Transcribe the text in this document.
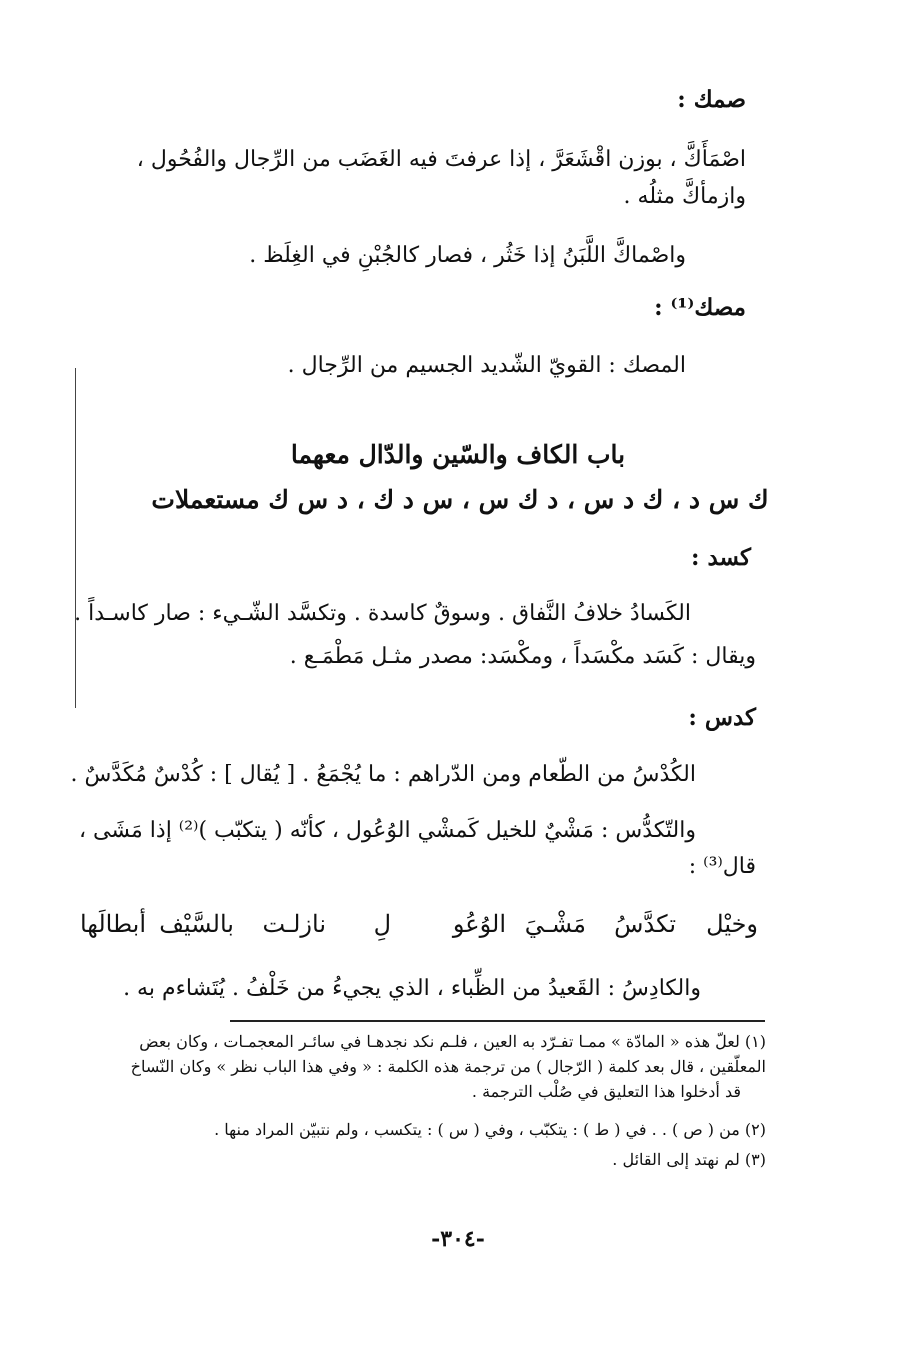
صمك :
اصْمَأَكَّ ، بوزن اقْشَعَرَّ ، إذا عرفتَ فيه الغَضَب من الرِّجال والفُحُول ،
وازمأكَّ مثلُه .
واصْماكَّ اللَّبَنُ إذا خَثُر ، فصار كالجُبْنِ في الغِلَظ .
مصك⁽¹⁾ :
المصك : القويّ الشّديد الجسيم من الرِّجال .
باب الكاف والسّين والدّال معهما
ك س د ، ك د س ، د ك س ، س د ك ، د س ك مستعملات
كسد :
الكَسادُ خلافُ النَّفاق . وسوقٌ كاسدة . وتكسَّد الشّـيء : صار كاسـداً .
ويقال : كَسَد مكْسَداً ، ومكْسَد: مصدر مثـل مَطْمَـع .
كدس :
الكُدْسُ من الطّعام ومن الدّراهم : ما يُجْمَعُ . [ يُقال ] : كُدْسٌ مُكَدَّسٌ .
والتّكدُّس : مَشْيٌ للخيل كَمشْي الوُعُول ، كأنّه ( يتكبّب )⁽²⁾ إذا مَشَى ،
قال⁽³⁾ :
وخيْل
تكدَّسُ
مَشْـيَ
الوُعُو
لِ
نازلـت
بالسَّيْف
أبطالَها
والكادِسُ : القَعيدُ من الظِّباء ، الذي يجيءُ من خَلْفُ . يُتَشاءم به .
(١) لعلّ هذه « المادّة » ممـا تفـرّد به العين ، فلـم نكد نجدهـا في سائـر المعجمـات ، وكان بعض
المعلّقين ، قال بعد كلمة ( الرّجال ) من ترجمة هذه الكلمة : « وفي هذا الباب نظر » وكان النّساخ
قد أدخلوا هذا التعليق في صُلْب الترجمة .
(٢) من ( ص ) . . في ( ط ) : يتكبّب ، وفي ( س ) : يتكسب ، ولم نتبيّن المراد منها .
(٣) لم نهتد إلى القائل .
-٣٠٤-
